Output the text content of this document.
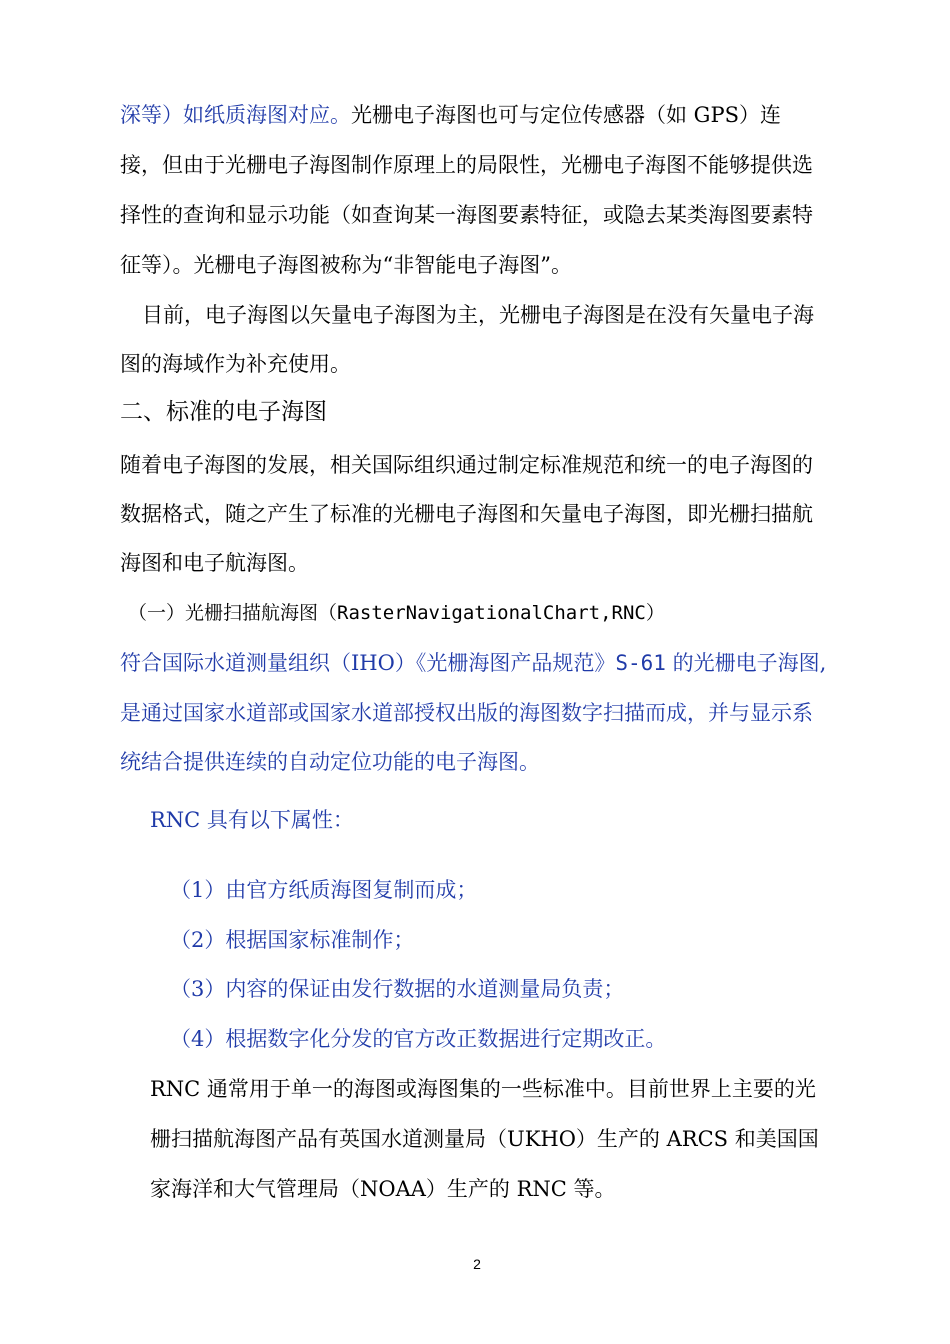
深等）如纸质海图对应。光栅电子海图也可与定位传感器（如 GPS）连

接，但由于光栅电子海图制作原理上的局限性，光栅电子海图不能够提供选

择性的查询和显示功能（如查询某一海图要素特征，或隐去某类海图要素特

征等）。光栅电子海图被称为“非智能电子海图”。

目前，电子海图以矢量电子海图为主，光栅电子海图是在没有矢量电子海

图的海域作为补充使用。

二、标准的电子海图

随着电子海图的发展，相关国际组织通过制定标准规范和统一的电子海图的

数据格式，随之产生了标准的光栅电子海图和矢量电子海图，即光栅扫描航

海图和电子航海图。

（一）光栅扫描航海图（RasterNavigationalChart,RNC）

符合国际水道测量组织（IHO）《光栅海图产品规范》S-61 的光栅电子海图,

是通过国家水道部或国家水道部授权出版的海图数字扫描而成，并与显示系

统结合提供连续的自动定位功能的电子海图。

RNC 具有以下属性：

（1）由官方纸质海图复制而成；

（2）根据国家标准制作；

（3）内容的保证由发行数据的水道测量局负责；

（4）根据数字化分发的官方改正数据进行定期改正。

RNC 通常用于单一的海图或海图集的一些标准中。目前世界上主要的光

栅扫描航海图产品有英国水道测量局（UKHO）生产的 ARCS 和美国国

家海洋和大气管理局（NOAA）生产的 RNC 等。

2
